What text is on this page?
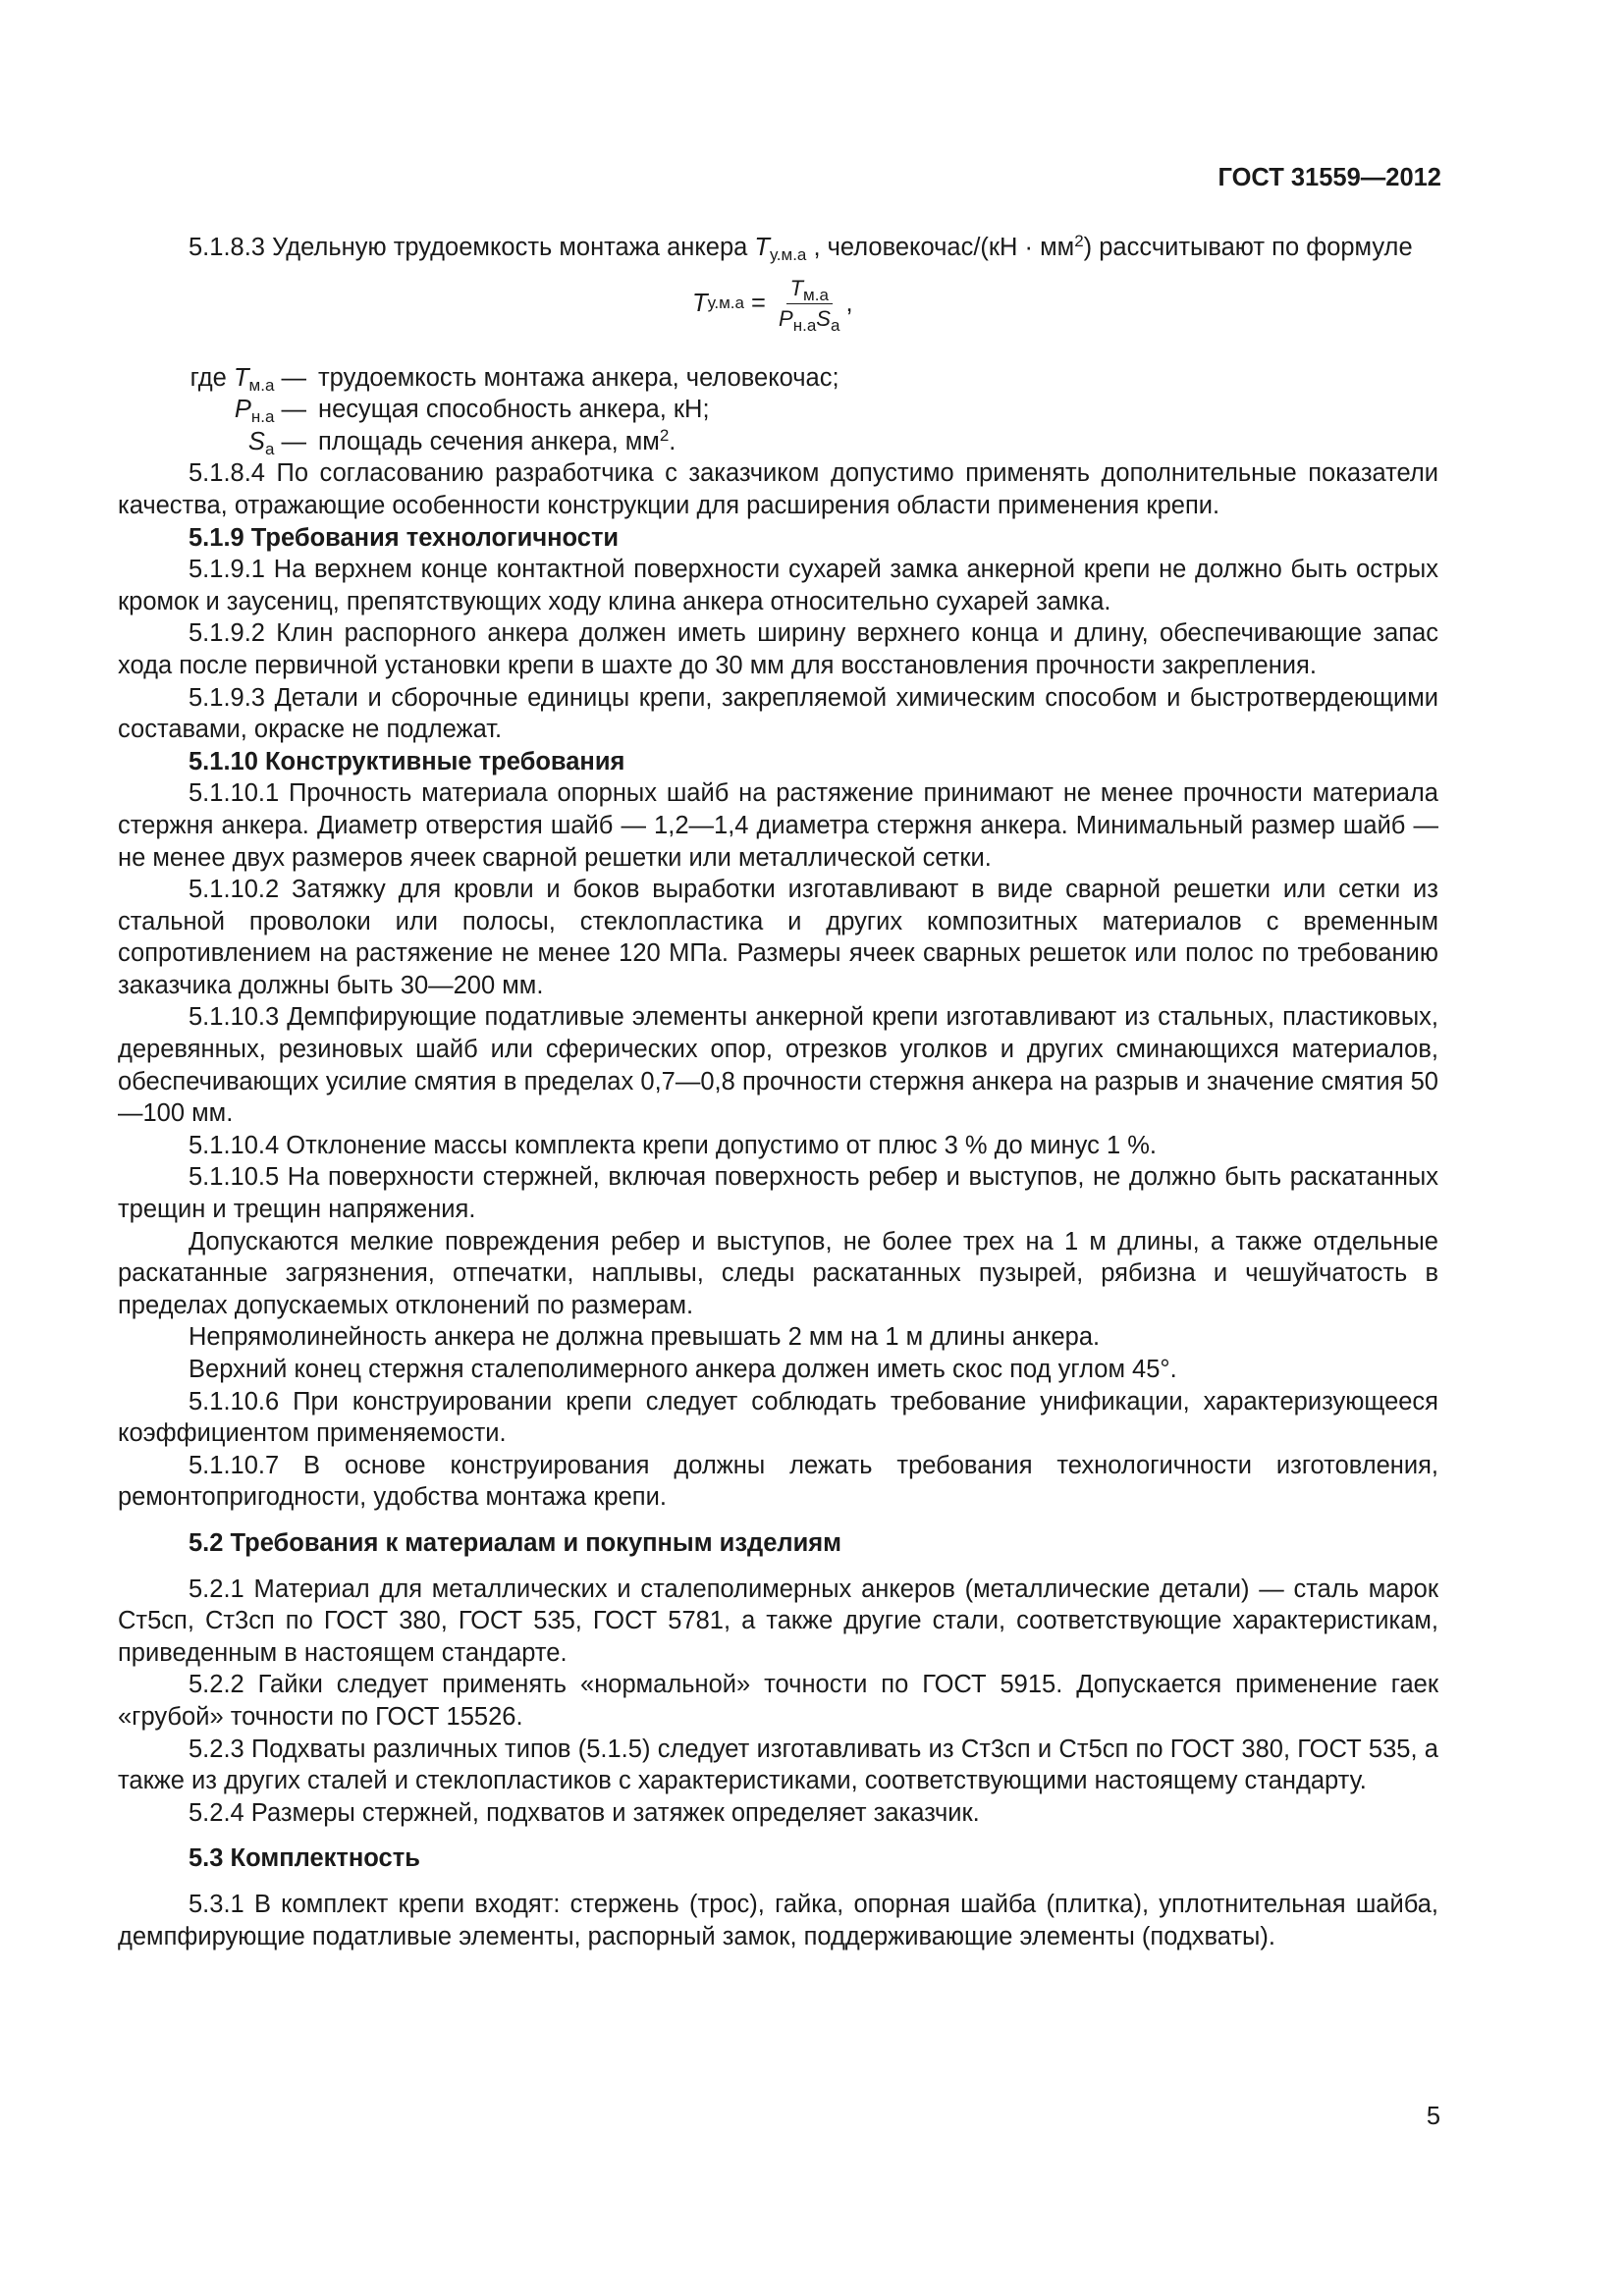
ГОСТ 31559—2012

5.1.8.3 Удельную трудоемкость монтажа анкера $T_{у.м.а}$ , человекочас/(кН · $мм^2$) рассчитывают по формуле

T $у.м.а = \frac{T_{м.а}}{P_{н.а}S_а}$ ,
где $T_{м.а}$ — трудоемкость монтажа анкера, человекочас;
$P_{н.а}$ — несущая способность анкера, кН;
$S_а$ — площадь сечения анкера, $мм^2$.

5.1.8.4 По согласованию разработчика с заказчиком допустимо применять дополнительные показатели качества, отражающие особенности конструкции для расширения области применения крепи.

5.1.9 Требования технологичности

5.1.9.1 На верхнем конце контактной поверхности сухарей замка анкерной крепи не должно быть острых кромок и заусениц, препятствующих ходу клина анкера относительно сухарей замка.

5.1.9.2 Клин распорного анкера должен иметь ширину верхнего конца и длину, обеспечивающие запас хода после первичной установки крепи в шахте до 30 мм для восстановления прочности закрепления.

5.1.9.3 Детали и сборочные единицы крепи, закрепляемой химическим способом и быстротвердеющими составами, окраске не подлежат.

5.1.10 Конструктивные требования

5.1.10.1 Прочность материала опорных шайб на растяжение принимают не менее прочности материала стержня анкера. Диаметр отверстия шайб — 1,2—1,4 диаметра стержня анкера. Минимальный размер шайб — не менее двух размеров ячеек сварной решетки или металлической сетки.

5.1.10.2 Затяжку для кровли и боков выработки изготавливают в виде сварной решетки или сетки из стальной проволоки или полосы, стеклопластика и других композитных материалов с временным сопротивлением на растяжение не менее 120 МПа. Размеры ячеек сварных решеток или полос по требованию заказчика должны быть 30—200 мм.

5.1.10.3 Демпфирующие податливые элементы анкерной крепи изготавливают из стальных, пластиковых, деревянных, резиновых шайб или сферических опор, отрезков уголков и других сминающихся материалов, обеспечивающих усилие смятия в пределах 0,7—0,8 прочности стержня анкера на разрыв и значение смятия 50—100 мм.

5.1.10.4 Отклонение массы комплекта крепи допустимо от плюс 3 % до минус 1 %.

5.1.10.5 На поверхности стержней, включая поверхность ребер и выступов, не должно быть раскатанных трещин и трещин напряжения.

Допускаются мелкие повреждения ребер и выступов, не более трех на 1 м длины, а также отдельные раскатанные загрязнения, отпечатки, наплывы, следы раскатанных пузырей, рябизна и чешуйчатость в пределах допускаемых отклонений по размерам.

Непрямолинейность анкера не должна превышать 2 мм на 1 м длины анкера.

Верхний конец стержня сталеполимерного анкера должен иметь скос под углом 45°.

5.1.10.6 При конструировании крепи следует соблюдать требование унификации, характеризующееся коэффициентом применяемости.

5.1.10.7 В основе конструирования должны лежать требования технологичности изготовления, ремонтопригодности, удобства монтажа крепи.

5.2 Требования к материалам и покупным изделиям

5.2.1 Материал для металлических и сталеполимерных анкеров (металлические детали) — сталь марок Ст5сп, Ст3сп по ГОСТ 380, ГОСТ 535, ГОСТ 5781, а также другие стали, соответствующие характеристикам, приведенным в настоящем стандарте.

5.2.2 Гайки следует применять «нормальной» точности по ГОСТ 5915. Допускается применение гаек «грубой» точности по ГОСТ 15526.

5.2.3 Подхваты различных типов (5.1.5) следует изготавливать из Ст3сп и Ст5сп по ГОСТ 380, ГОСТ 535, а также из других сталей и стеклопластиков с характеристиками, соответствующими настоящему стандарту.

5.2.4 Размеры стержней, подхватов и затяжек определяет заказчик.

5.3 Комплектность

5.3.1 В комплект крепи входят: стержень (трос), гайка, опорная шайба (плитка), уплотнительная шайба, демпфирующие податливые элементы, распорный замок, поддерживающие элементы (подхваты).

5
